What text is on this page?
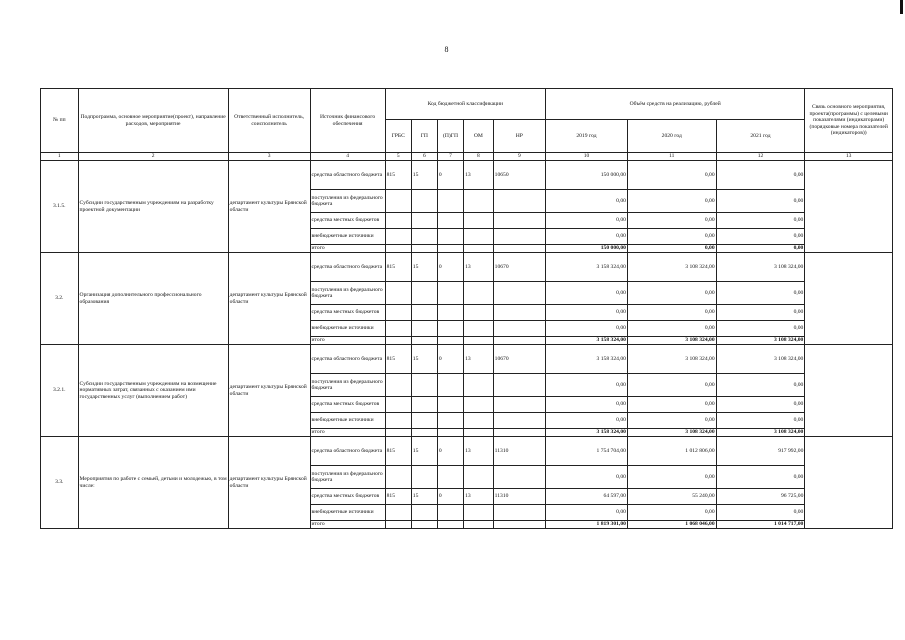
8
№ пп	Подпрограмма, основное мероприятие(проект), направление расходов, мероприятие	Ответственный исполнитель, соисполнитель	Источник финансового обеспечения	Код бюджетной классификации					Объём средств на реализацию, рублей			Связь основного мероприятия, проекта(программы) с целевыми показателями (индикаторами) (порядковые номера показателей (индикаторов))
				ГРБС	ГП	(П)ГП	ОМ	НР	2019 год	2020 год	2021 год	
1	2	3	4	5	6	7	8	9	10	11	12	13
3.1.5.	Субсидии государственным учреждениям на разработку проектной документации	департамент культуры Брянской области	средства областного бюджета	815	15	0	13	10650	150 000,00	0,00	0,00	
			поступления из федерального бюджета						0,00	0,00	0,00	
			средства местных бюджетов						0,00	0,00	0,00	
			внебюджетные источники						0,00	0,00	0,00	
			итого						150 000,00	0,00	0,00	
3.2.	Организация дополнительного профессионального образования	департамент культуры Брянской области	средства областного бюджета	815	15	0	13	10670	3 158 324,00	3 108 324,00	3 108 324,00	
			поступления из федерального бюджета						0,00	0,00	0,00	
			средства местных бюджетов						0,00	0,00	0,00	
			внебюджетные источники						0,00	0,00	0,00	
			итого						3 158 324,00	3 108 324,00	3 108 324,00	
3.2.1.	Субсидии государственным учреждениям на возмещение нормативных затрат, связанных с оказанием ими государственных услуг (выполнением работ)	департамент культуры Брянской области	средства областного бюджета	815	15	0	13	10670	3 158 324,00	3 108 324,00	3 108 324,00	
			поступления из федерального бюджета						0,00	0,00	0,00	
			средства местных бюджетов						0,00	0,00	0,00	
			внебюджетные источники						0,00	0,00	0,00	
			итого						3 158 324,00	3 108 324,00	3 108 324,00	
3.3.	Мероприятия по работе с семьей, детьми и молодежью, в том числе:	департамент культуры Брянской области	средства областного бюджета	815	15	0	13	11310	1 754 704,00	1 012 806,00	917 992,00	
			поступления из федерального бюджета						0,00	0,00	0,00	
			средства местных бюджетов	815	15	0	13	11310	64 597,00	55 240,00	96 725,00	
			внебюджетные источники						0,00	0,00	0,00	
			итого						1 819 301,00	1 068 046,00	1 014 717,00	
